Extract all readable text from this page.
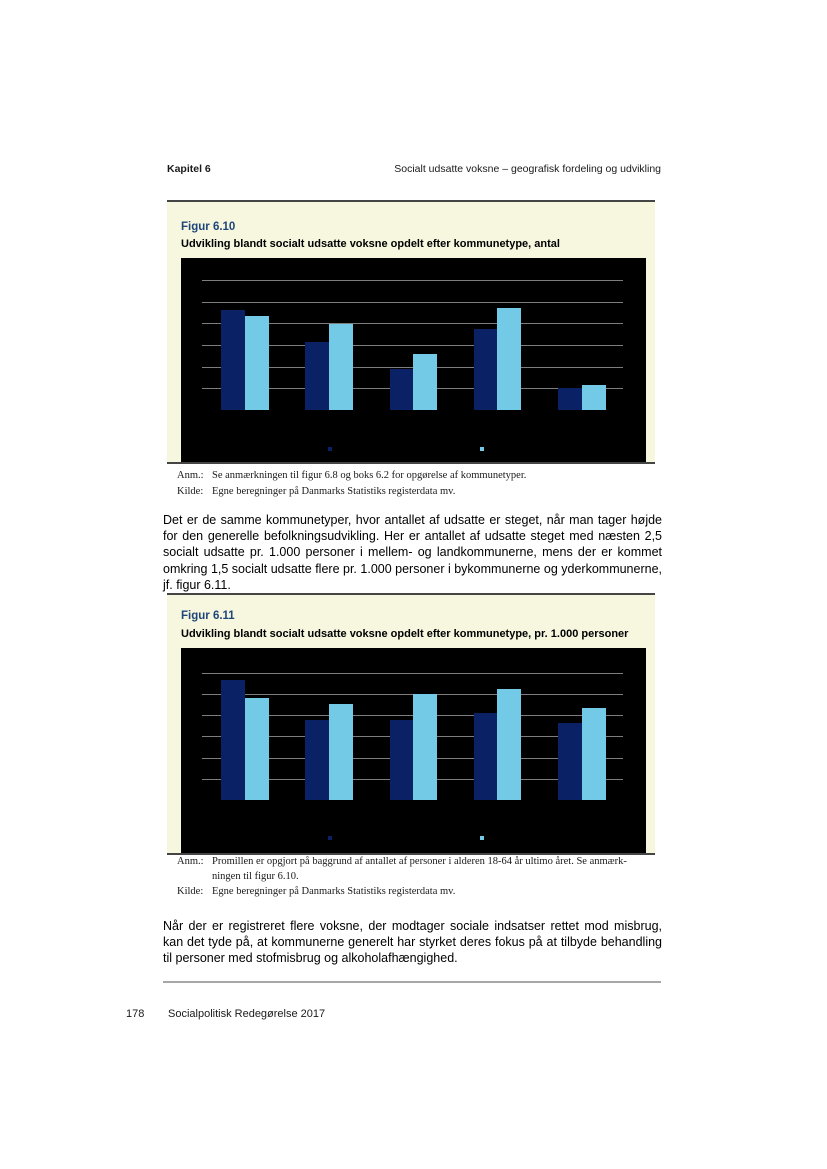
Kapitel 6	Socialt udsatte voksne – geografisk fordeling og udvikling
Figur 6.10
Udvikling blandt socialt udsatte voksne opdelt efter kommunetype, antal
Anm.: Se anmærkningen til figur 6.8 og boks 6.2 for opgørelse af kommunetyper.
Kilde: Egne beregninger på Danmarks Statistiks registerdata mv.
Det er de samme kommunetyper, hvor antallet af udsatte er steget, når man tager højde for den generelle befolkningsudvikling. Her er antallet af udsatte steget med næsten 2,5 socialt udsatte pr. 1.000 personer i mellem- og landkommunerne, mens der er kommet omkring 1,5 socialt udsatte flere pr. 1.000 personer i bykommunerne og yderkommunerne, jf. figur 6.11.
Figur 6.11
Udvikling blandt socialt udsatte voksne opdelt efter kommunetype, pr. 1.000 personer
Anm.: Promillen er opgjort på baggrund af antallet af personer i alderen 18-64 år ultimo året. Se anmærk-
ningen til figur 6.10.
Kilde: Egne beregninger på Danmarks Statistiks registerdata mv.
Når der er registreret flere voksne, der modtager sociale indsatser rettet mod misbrug, kan det tyde på, at kommunerne generelt har styrket deres fokus på at tilbyde behandling til personer med stofmisbrug og alkoholafhængighed.
178 Socialpolitisk Redegørelse 2017
